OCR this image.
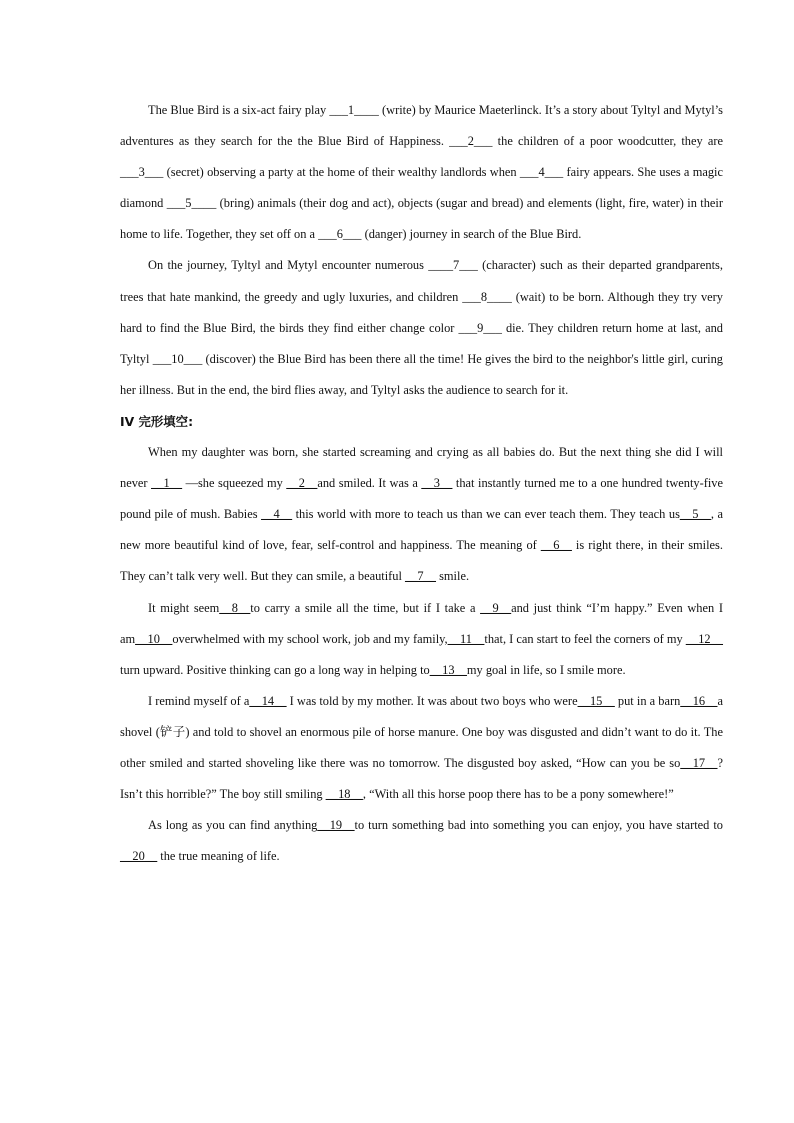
The Blue Bird is a six-act fairy play ___1____ (write) by Maurice Maeterlinck. It’s a story about Tyltyl and Mytyl’s adventures as they search for the the Blue Bird of Happiness. ___2___ the children of a poor woodcutter, they are ___3___ (secret) observing a party at the home of their wealthy landlords when ___4___ fairy appears. She uses a magic diamond ___5____ (bring) animals (their dog and act), objects (sugar and bread) and elements (light, fire, water) in their home to life. Together, they set off on a ___6___ (danger) journey in search of the Blue Bird.

On the journey, Tyltyl and Mytyl encounter numerous ____7___ (character) such as their departed grandparents, trees that hate mankind, the greedy and ugly luxuries, and children ___8____ (wait) to be born. Although they try very hard to find the Blue Bird, the birds they find either change color ___9___ die. They children return home at last, and Tyltyl ___10___ (discover) the Blue Bird has been there all the time! He gives the bird to the neighbor's little girl, curing her illness. But in the end, the bird flies away, and Tyltyl asks the audience to search for it.

IV 完形填空:

When my daughter was born, she started screaming and crying as all babies do. But the next thing she did I will never __1__ —she squeezed my __2__and smiled. It was a __3__ that instantly turned me to a one hundred twenty-five pound pile of mush. Babies __4__ this world with more to teach us than we can ever teach them. They teach us__5__, a new more beautiful kind of love, fear, self-control and happiness. The meaning of __6__ is right there, in their smiles. They can’t talk very well. But they can smile, a beautiful __7__ smile.

It might seem__8__to carry a smile all the time, but if I take a __9__and just think “I’m happy.” Even when I am__10__overwhelmed with my school work, job and my family,__11__that, I can start to feel the corners of my __12__ turn upward. Positive thinking can go a long way in helping to__13__my goal in life, so I smile more.

I remind myself of a__14__ I was told by my mother. It was about two boys who were__15__ put in a barn__16__a shovel (铲子) and told to shovel an enormous pile of horse manure. One boy was disgusted and didn’t want to do it. The other smiled and started shoveling like there was no tomorrow. The disgusted boy asked, “How can you be so__17__? Isn’t this horrible?” The boy still smiling __18__, “With all this horse poop there has to be a pony somewhere!”

As long as you can find anything__19__to turn something bad into something you can enjoy, you have started to __20__ the true meaning of life.
